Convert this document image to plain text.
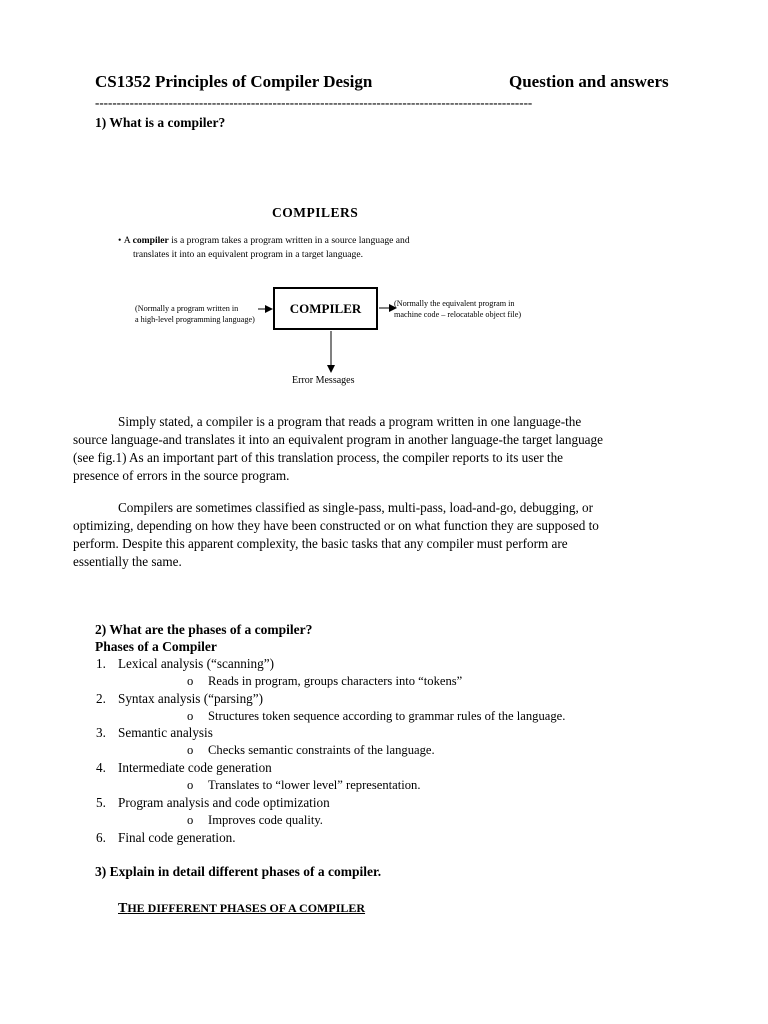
CS1352 Principles of Compiler Design	Question and answers
-----------------------------------------------------------------------------------------------------
1) What is a compiler?
COMPILERS
• A compiler is a program takes a program written in a source language and
translates it into an equivalent program in a target language.
(Normally a program written in
a high-level programming language)
COMPILER	(Normally the equivalent program in
machine code – relocatable object file)
Error Messages
Simply stated, a compiler is a program that reads a program written in one language-the
source language-and translates it into an equivalent program in another language-the target language
(see fig.1) As an important part of this translation process, the compiler reports to its user the
presence of errors in the source program.
Compilers are sometimes classified as single-pass, multi-pass, load-and-go, debugging, or
optimizing, depending on how they have been constructed or on what function they are supposed to
perform. Despite this apparent complexity, the basic tasks that any compiler must perform are
essentially the same.
2) What are the phases of a compiler?
Phases of a Compiler
1. Lexical analysis (“scanning”)
o Reads in program, groups characters into “tokens”
2. Syntax analysis (“parsing”)
o Structures token sequence according to grammar rules of the language.
3. Semantic analysis
o Checks semantic constraints of the language.
4. Intermediate code generation
o Translates to “lower level” representation.
5. Program analysis and code optimization
o Improves code quality.
6. Final code generation.
3) Explain in detail different phases of a compiler.
THE DIFFERENT PHASES OF A COMPILER
